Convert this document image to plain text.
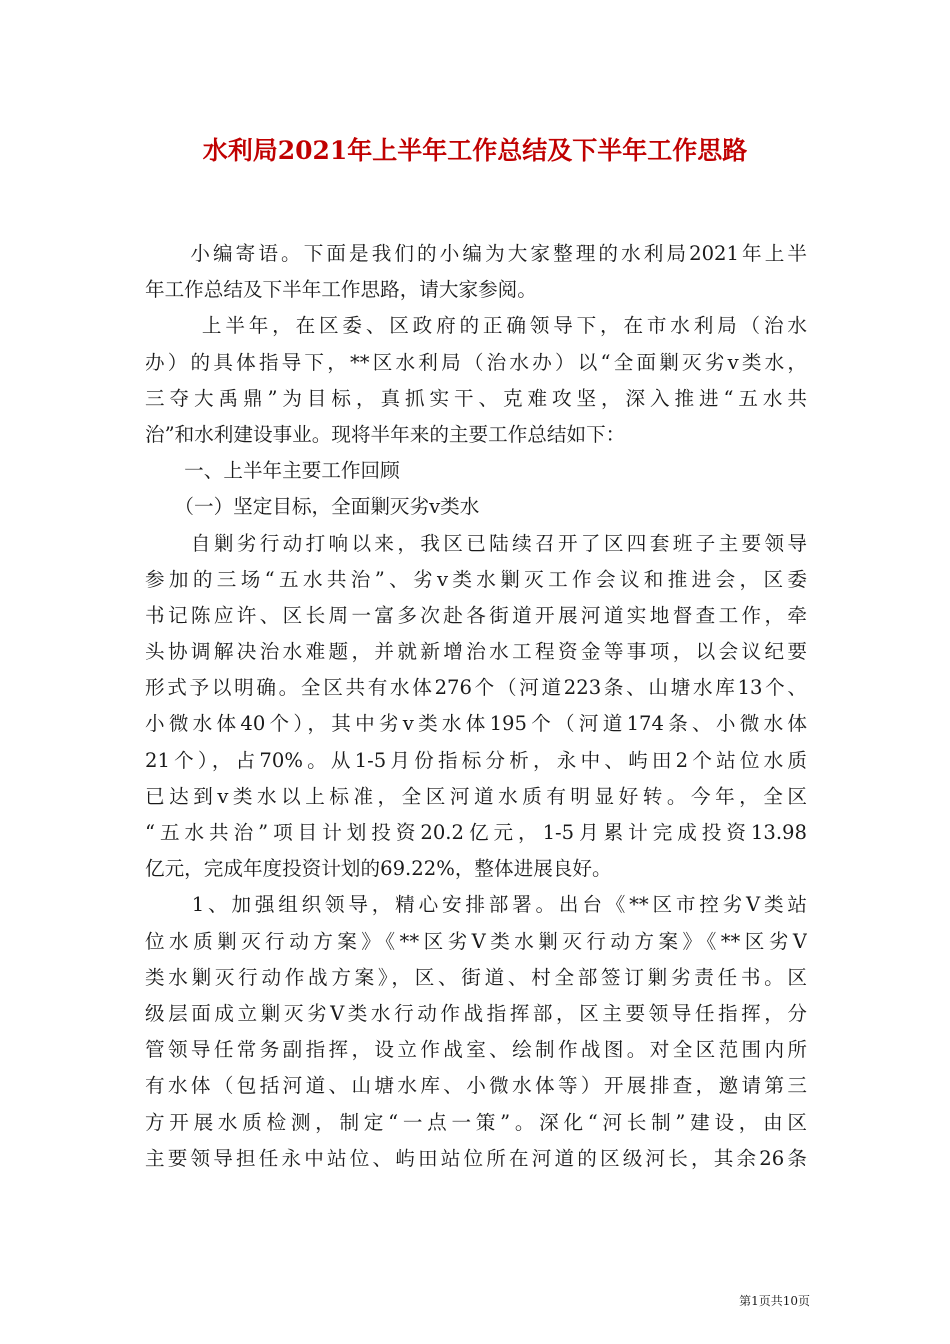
水利局2021年上半年工作总结及下半年工作思路
　　小编寄语。下面是我们的小编为大家整理的水利局2021年上半
年工作总结及下半年工作思路，请大家参阅。
　　 上半年，在区委、区政府的正确领导下，在市水利局（治水
办）的具体指导下，**区水利局（治水办）以“全面剿灭劣v类水，
三夺大禹鼎”为目标，真抓实干、克难攻坚，深入推进“五水共
治”和水利建设事业。现将半年来的主要工作总结如下：
　　一、上半年主要工作回顾
　　（一）坚定目标，全面剿灭劣v类水
　　自剿劣行动打响以来，我区已陆续召开了区四套班子主要领导
参加的三场“五水共治”、劣v类水剿灭工作会议和推进会，区委
书记陈应许、区长周一富多次赴各街道开展河道实地督查工作，牵
头协调解决治水难题，并就新增治水工程资金等事项，以会议纪要
形式予以明确。全区共有水体276个（河道223条、山塘水库13个、
小微水体40个），其中劣v类水体195个（河道174条、小微水体
21个），占70%。从1-5月份指标分析，永中、屿田2个站位水质
已达到v类水以上标准，全区河道水质有明显好转。今年，全区
“五水共治”项目计划投资20.2亿元，1-5月累计完成投资13.98
亿元，完成年度投资计划的69.22%，整体进展良好。
　　1、加强组织领导，精心安排部署。出台《**区市控劣Ⅴ类站
位水质剿灭行动方案》《**区劣Ⅴ类水剿灭行动方案》《**区劣Ⅴ
类水剿灭行动作战方案》，区、街道、村全部签订剿劣责任书。区
级层面成立剿灭劣Ⅴ类水行动作战指挥部，区主要领导任指挥，分
管领导任常务副指挥，设立作战室、绘制作战图。对全区范围内所
有水体（包括河道、山塘水库、小微水体等）开展排查，邀请第三
方开展水质检测，制定“一点一策”。深化“河长制”建设，由区
主要领导担任永中站位、屿田站位所在河道的区级河长，其余26条
第1页共10页
